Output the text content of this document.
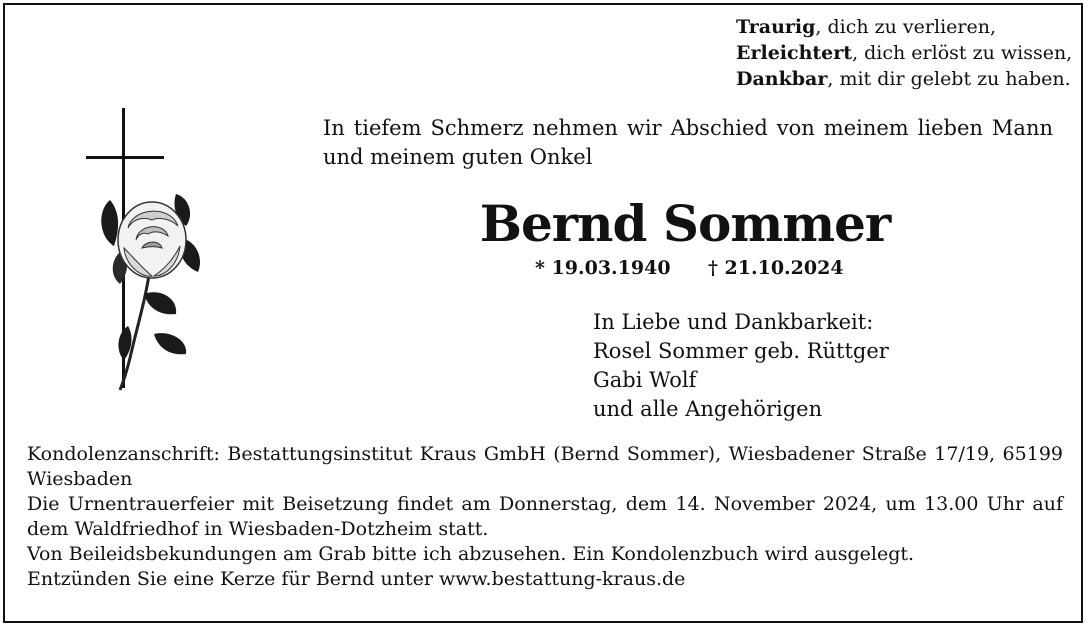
Traurig, dich zu verlieren,
Erleichtert, dich erlöst zu wissen,
Dankbar, mit dir gelebt zu haben.
In tiefem Schmerz nehmen wir Abschied von meinem lieben Mann und meinem guten Onkel
Bernd Sommer
* 19.03.1940 † 21.10.2024
In Liebe und Dankbarkeit:
Rosel Sommer geb. Rüttger
Gabi Wolf
und alle Angehörigen
Kondolenzanschrift: Bestattungsinstitut Kraus GmbH (Bernd Sommer), Wiesbadener Straße 17/19, 65199 Wiesbaden
Die Urnentrauerfeier mit Beisetzung findet am Donnerstag, dem 14. November 2024, um 13.00 Uhr auf dem Waldfriedhof in Wiesbaden-Dotzheim statt.
Von Beileidsbekundungen am Grab bitte ich abzusehen. Ein Kondolenzbuch wird ausgelegt.
Entzünden Sie eine Kerze für Bernd unter www.bestattung-kraus.de
